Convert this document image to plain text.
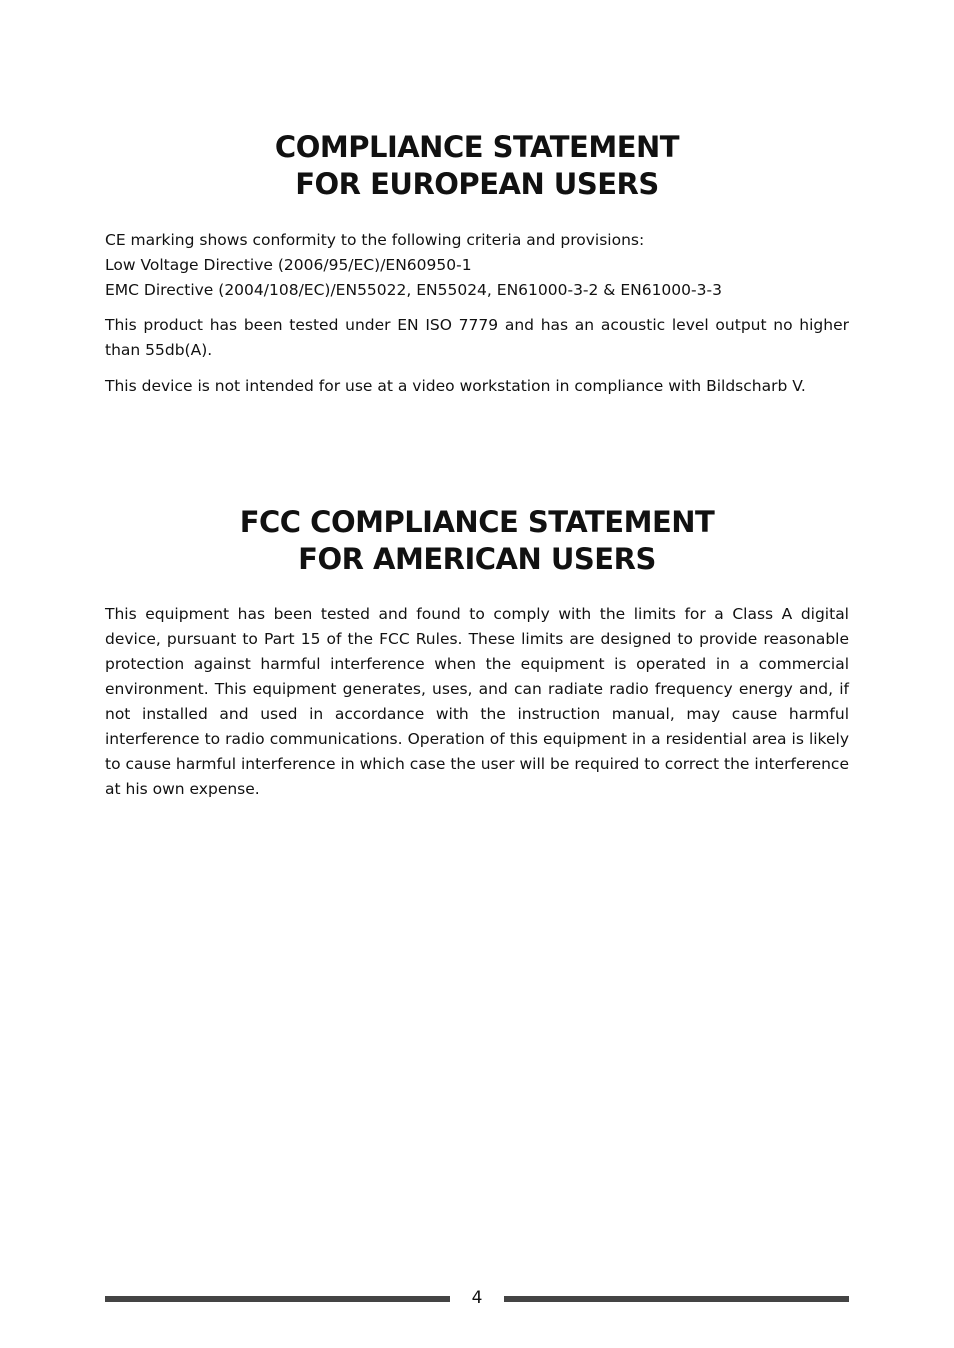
COMPLIANCE STATEMENT
FOR EUROPEAN USERS

CE marking shows conformity to the following criteria and provisions:
Low Voltage Directive (2006/95/EC)/EN60950-1
EMC Directive (2004/108/EC)/EN55022, EN55024, EN61000-3-2 & EN61000-3-3

This product has been tested under EN ISO 7779 and has an acoustic level output no higher than 55db(A).

This device is not intended for use at a video workstation in compliance with Bildscharb V.

FCC COMPLIANCE STATEMENT
FOR AMERICAN USERS

This equipment has been tested and found to comply with the limits for a Class A digital device, pursuant to Part 15 of the FCC Rules. These limits are designed to provide reasonable protection against harmful interference when the equipment is operated in a commercial environment. This equipment generates, uses, and can radiate radio frequency energy and, if not installed and used in accordance with the instruction manual, may cause harmful interference to radio communications. Operation of this equipment in a residential area is likely to cause harmful interference in which case the user will be required to correct the interference at his own expense.

4
